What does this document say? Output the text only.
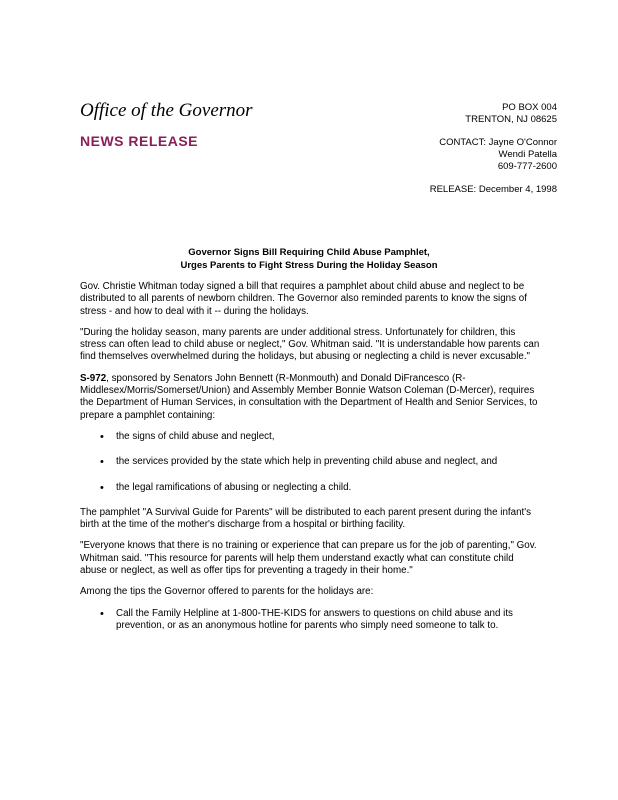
Office of the Governor
NEWS RELEASE
PO BOX 004
TRENTON, NJ 08625
CONTACT:
Jayne O'Connor
Wendi Patella
609-777-2600
RELEASE: December 4, 1998
Governor Signs Bill Requiring Child Abuse Pamphlet,
Urges Parents to Fight Stress During the Holiday Season

Gov. Christie Whitman today signed a bill that requires a pamphlet about child abuse and neglect to be distributed to all parents of newborn children. The Governor also reminded parents to know the signs of stress - and how to deal with it -- during the holidays.

"During the holiday season, many parents are under additional stress. Unfortunately for children, this stress can often lead to child abuse or neglect," Gov. Whitman said. "It is understandable how parents can find themselves overwhelmed during the holidays, but abusing or neglecting a child is never excusable."

S-972, sponsored by Senators John Bennett (R-Monmouth) and Donald DiFrancesco (R-Middlesex/Morris/Somerset/Union) and Assembly Member Bonnie Watson Coleman (D-Mercer), requires the Department of Human Services, in consultation with the Department of Health and Senior Services, to prepare a pamphlet containing:

• the signs of child abuse and neglect,
• the services provided by the state which help in preventing child abuse and neglect, and
• the legal ramifications of abusing or neglecting a child.

The pamphlet "A Survival Guide for Parents" will be distributed to each parent present during the infant's birth at the time of the mother's discharge from a hospital or birthing facility.

"Everyone knows that there is no training or experience that can prepare us for the job of parenting," Gov. Whitman said. "This resource for parents will help them understand exactly what can constitute child abuse or neglect, as well as offer tips for preventing a tragedy in their home."

Among the tips the Governor offered to parents for the holidays are:

• Call the Family Helpline at 1-800-THE-KIDS for answers to questions on child abuse and its prevention, or as an anonymous hotline for parents who simply need someone to talk to.
